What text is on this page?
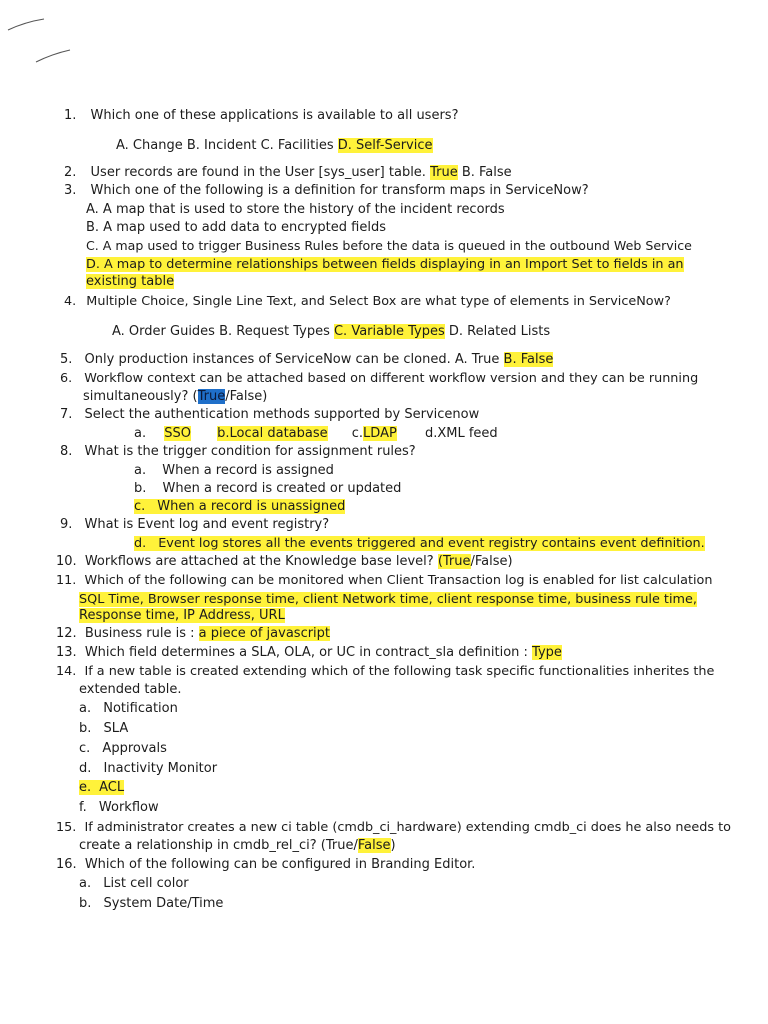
1. Which one of these applications is available to all users?
A. Change B. Incident C. Facilities D. Self-Service
2. User records are found in the User [sys_user] table. True B. False
3. Which one of the following is a definition for transform maps in ServiceNow?
A. A map that is used to store the history of the incident records
B. A map used to add data to encrypted fields
C. A map used to trigger Business Rules before the data is queued in the outbound Web Service
D. A map to determine relationships between fields displaying in an Import Set to fields in an
existing table
4. Multiple Choice, Single Line Text, and Select Box are what type of elements in ServiceNow?
A. Order Guides B. Request Types C. Variable Types D. Related Lists
5. Only production instances of ServiceNow can be cloned. A. True B. False
6. Workflow context can be attached based on different workflow version and they can be running
simultaneously? (True/False)
7. Select the authentication methods supported by Servicenow
a. SSO b.Local database c.LDAP d.XML feed
8. What is the trigger condition for assignment rules?
a. When a record is assigned
b. When a record is created or updated
c. When a record is unassigned
9. What is Event log and event registry?
d. Event log stores all the events triggered and event registry contains event definition.
10. Workflows are attached at the Knowledge base level? (True/False)
11. Which of the following can be monitored when Client Transaction log is enabled for list calculation
SQL Time, Browser response time, client Network time, client response time, business rule time,
Response time, IP Address, URL
12. Business rule is : a piece of javascript
13. Which field determines a SLA, OLA, or UC in contract_sla definition : Type
14. If a new table is created extending which of the following task specific functionalities inherites the
extended table.
a. Notification
b. SLA
c. Approvals
d. Inactivity Monitor
e. ACL
f. Workflow
15. If administrator creates a new ci table (cmdb_ci_hardware) extending cmdb_ci does he also needs to
create a relationship in cmdb_rel_ci? (True/False)
16. Which of the following can be configured in Branding Editor.
a. List cell color
b. System Date/Time
